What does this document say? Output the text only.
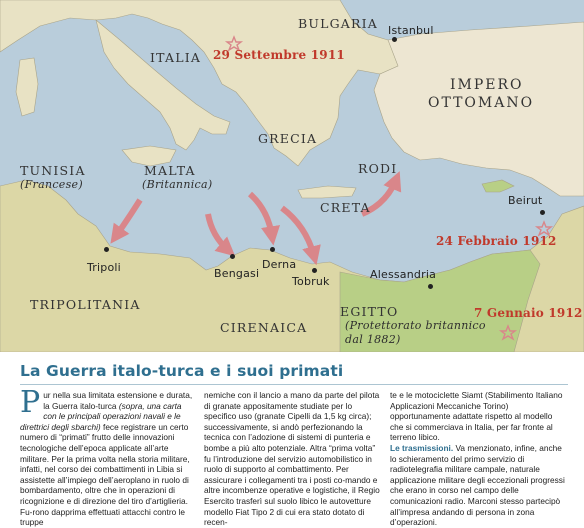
BULGARIA
ITALIA
IMPERO
OTTOMANO
GRECIA
TUNISIA
(Francese)
MALTA
(Britannica)
RODI
CRETA
TRIPOLITANIA
CIRENAICA
EGITTO
(Protettorato britannico
dal 1882)
Istanbul
Beirut
Tripoli	Bengasi
Derna
Tobruk
Alessandria
29 Settembre 1911
24 Febbraio 1912
7 Gennaio 1912
La Guerra italo-turca e i suoi primati

Pur nella sua limitata estensione e durata, la Guerra italo-turca (sopra, una carta con le principali operazioni navali e le direttrici degli sbarchi) fece registrare un certo numero di “primati” frutto delle innovazioni tecnologiche dell’epoca applicate all’arte militare. Per la prima volta nella storia militare, infatti, nel corso dei combattimenti in Libia si assistette all’impiego dell’aeroplano in ruolo di bombardamento, oltre che in operazioni di ricognizione e di direzione del tiro d’artiglieria. Fu-rono dapprima effettuati attacchi contro le truppe

nemiche con il lancio a mano da parte del pilota di granate appositamente studiate per lo specifico uso (granate Cipelli da 1,5 kg circa); successivamente, si andò perfezionando la tecnica con l’adozione di sistemi di punteria e bombe a più alto potenziale. Altra “prima volta” fu l’introduzione del servizio automobilistico in ruolo di supporto al combattimento. Per assicurare i collegamenti tra i posti co-mando e altre incombenze operative e logistiche, il Regio Esercito trasferì sul suolo libico le autovetture modello Fiat Tipo 2 di cui era stato dotato di recen-

te e le motociclette Siamt (Stabilimento Italiano Applicazioni Meccaniche Torino) opportunamente adattate rispetto al modello che si commerciava in Italia, per far fronte al terreno libico.
Le trasmissioni. Va menzionato, infine, anche lo schieramento del primo servizio di radiotelegrafia militare campale, naturale applicazione militare degli eccezionali progressi che erano in corso nel campo delle comunicazioni radio. Marconi stesso partecipò all’impresa andando di persona in zona d’operazioni.
